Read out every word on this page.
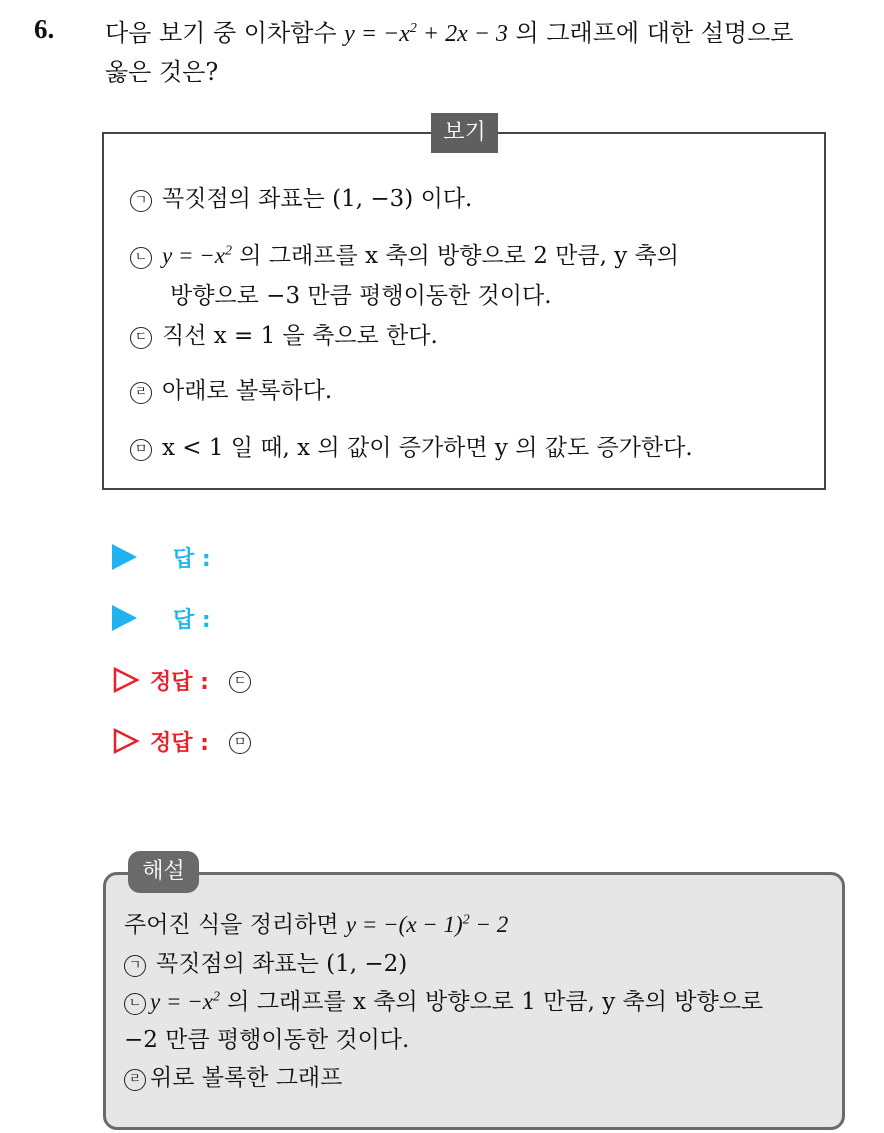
6. 다음 보기 중 이차함수 $y = -x^2 + 2x - 3$ 의 그래프에 대한 설명으로
옳은 것은?
보기
ㄱ 꼭짓점의 좌표는 (1, −3) 이다.
ㄴ $y = -x^2$ 의 그래프를 x 축의 방향으로 2 만큼, y 축의
방향으로 −3 만큼 평행이동한 것이다.
ㄷ 직선 x = 1 을 축으로 한다.
ㄹ 아래로 볼록하다.
ㅁ x < 1 일 때, x 의 값이 증가하면 y 의 값도 증가한다.
답 :
답 :
정답 :	ㄷ
정답 :	ㅁ
해설
주어진 식을 정리하면 $y = -(x - 1)^2 - 2$
ㄱ 꼭짓점의 좌표는 (1, −2)
ㄴ $y = -x^2$ 의 그래프를 x 축의 방향으로 1 만큼, y 축의 방향으로
−2 만큼 평행이동한 것이다.
ㄹ 위로 볼록한 그래프
